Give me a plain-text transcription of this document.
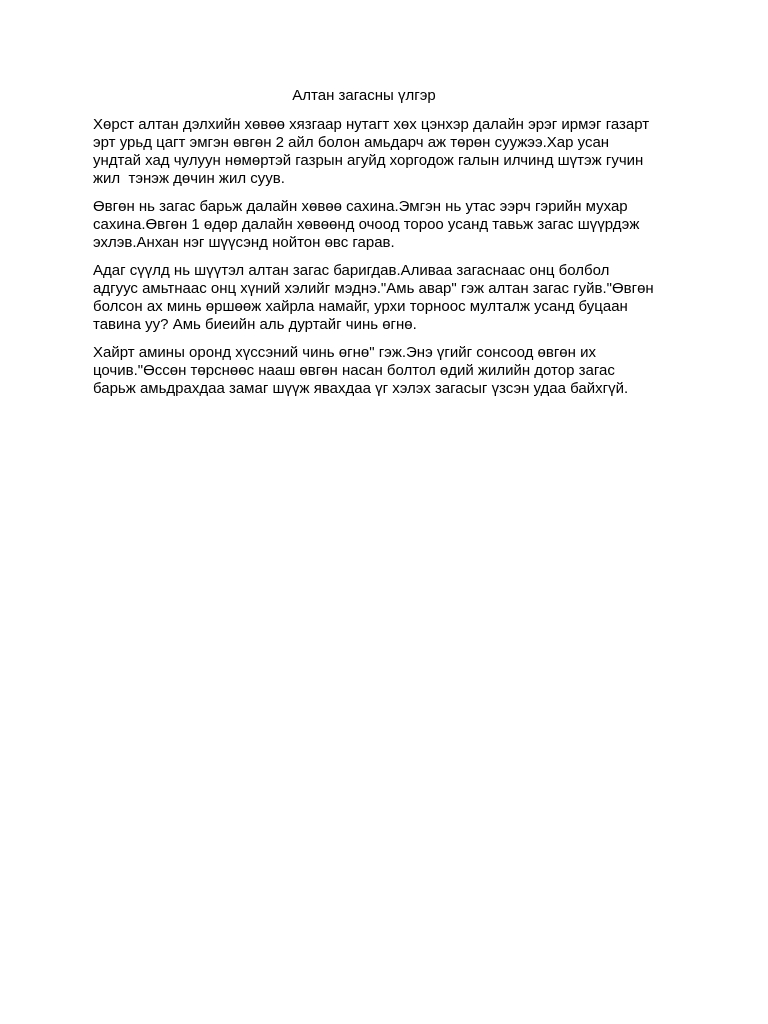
Алтан загасны үлгэр

Хөрст алтан дэлхийн хөвөө хязгаар нутагт хөх цэнхэр далайн эрэг ирмэг газарт
эрт урьд цагт эмгэн өвгөн 2 айл болон амьдарч аж төрөн суужээ.Хар усан
ундтай хад чулуун нөмөртэй газрын агуйд хоргодож галын илчинд шүтэж гучин
жил  тэнэж дөчин жил суув.

Өвгөн нь загас барьж далайн хөвөө сахина.Эмгэн нь утас ээрч гэрийн мухар
сахина.Өвгөн 1 өдөр далайн хөвөөнд очоод тороо усанд тавьж загас шүүрдэж
эхлэв.Анхан нэг шүүсэнд нойтон өвс гарав.

Адаг сүүлд нь шүүтэл алтан загас баригдав.Аливаа загаснаас онц болбол
адгуус амьтнаас онц хүний хэлийг мэднэ."Амь авар" гэж алтан загас гуйв."Өвгөн
болсон ах минь өршөөж хайрла намайг, урхи торноос мулталж усанд буцаан
тавина уу? Амь биеийн аль дуртайг чинь өгнө.

Хайрт амины оронд хүссэний чинь өгнө" гэж.Энэ үгийг сонсоод өвгөн их
цочив."Өссөн төрснөөс нааш өвгөн насан болтол өдий жилийн дотор загас
барьж амьдрахдаа замаг шүүж явахдаа үг хэлэх загасыг үзсэн удаа байхгүй.
